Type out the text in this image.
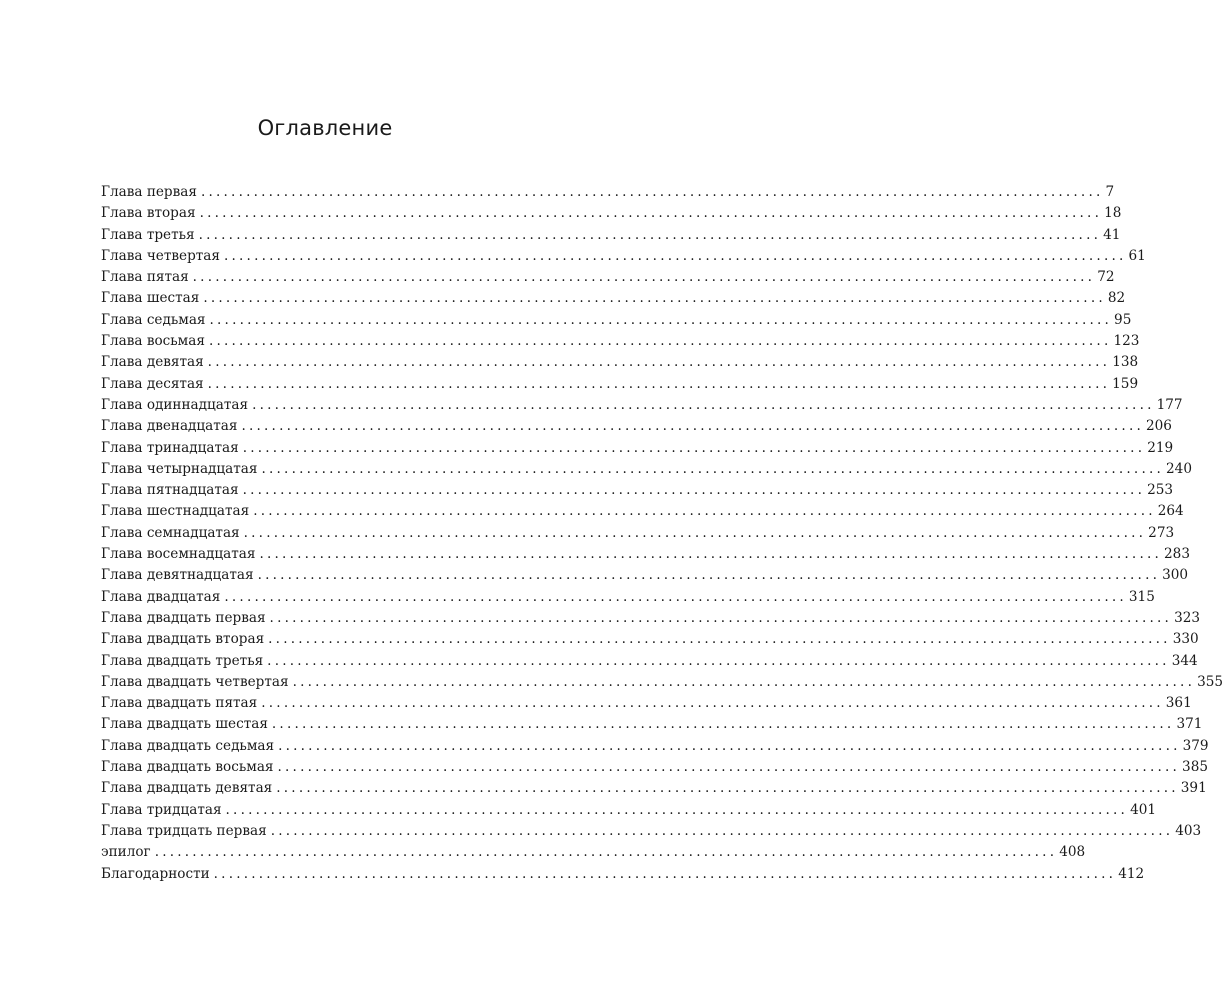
Оглавление
Глава первая ........................................................................................................................ 7
Глава вторая ........................................................................................................................ 18
Глава третья ........................................................................................................................ 41
Глава четвертая ........................................................................................................................ 61
Глава пятая ........................................................................................................................ 72
Глава шестая ........................................................................................................................ 82
Глава седьмая ........................................................................................................................ 95
Глава восьмая ........................................................................................................................ 123
Глава девятая ........................................................................................................................ 138
Глава десятая ........................................................................................................................ 159
Глава одиннадцатая ........................................................................................................................ 177
Глава двенадцатая ........................................................................................................................ 206
Глава тринадцатая ........................................................................................................................ 219
Глава четырнадцатая ........................................................................................................................ 240
Глава пятнадцатая ........................................................................................................................ 253
Глава шестнадцатая ........................................................................................................................ 264
Глава семнадцатая ........................................................................................................................ 273
Глава восемнадцатая ........................................................................................................................ 283
Глава девятнадцатая ........................................................................................................................ 300
Глава двадцатая ........................................................................................................................ 315
Глава двадцать первая ........................................................................................................................ 323
Глава двадцать вторая ........................................................................................................................ 330
Глава двадцать третья ........................................................................................................................ 344
Глава двадцать четвертая ........................................................................................................................ 355
Глава двадцать пятая ........................................................................................................................ 361
Глава двадцать шестая ........................................................................................................................ 371
Глава двадцать седьмая ........................................................................................................................ 379
Глава двадцать восьмая ........................................................................................................................ 385
Глава двадцать девятая ........................................................................................................................ 391
Глава тридцатая ........................................................................................................................ 401
Глава тридцать первая ........................................................................................................................ 403
эпилог ........................................................................................................................ 408
Благодарности ........................................................................................................................ 412
